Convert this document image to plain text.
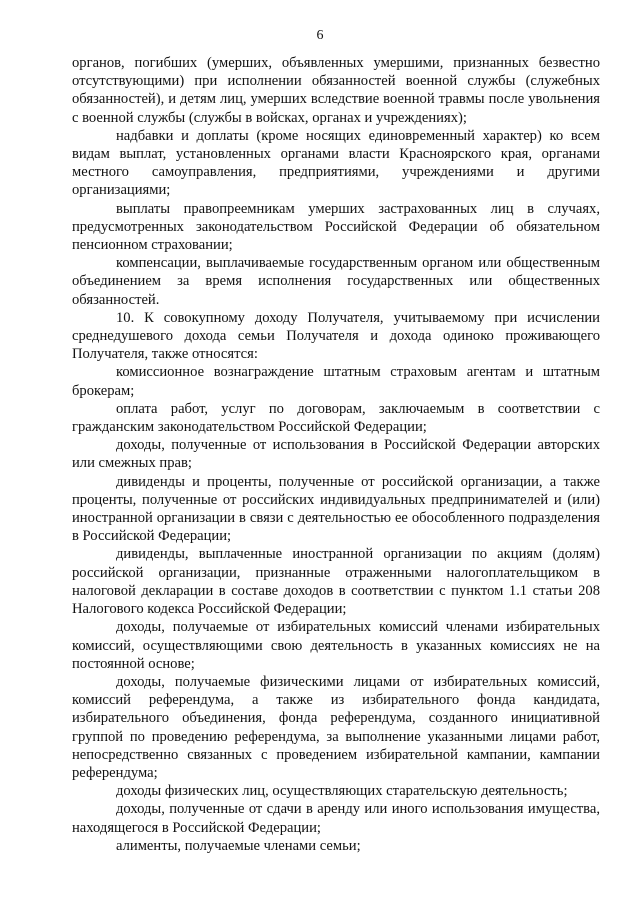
6

органов, погибших (умерших, объявленных умершими, признанных безвестно отсутствующими) при исполнении обязанностей военной службы (служебных обязанностей), и детям лиц, умерших вследствие военной травмы после увольнения с военной службы (службы в войсках, органах и учреждениях);

надбавки и доплаты (кроме носящих единовременный характер) ко всем видам выплат, установленных органами власти Красноярского края, органами местного самоуправления, предприятиями, учреждениями и другими организациями;

выплаты правопреемникам умерших застрахованных лиц в случаях, предусмотренных законодательством Российской Федерации об обязательном пенсионном страховании;

компенсации, выплачиваемые государственным органом или общественным объединением за время исполнения государственных или общественных обязанностей.

10. К совокупному доходу Получателя, учитываемому при исчислении среднедушевого дохода семьи Получателя и дохода одиноко проживающего Получателя, также относятся:

комиссионное вознаграждение штатным страховым агентам и штатным брокерам;

оплата работ, услуг по договорам, заключаемым в соответствии с гражданским законодательством Российской Федерации;

доходы, полученные от использования в Российской Федерации авторских или смежных прав;

дивиденды и проценты, полученные от российской организации, а также проценты, полученные от российских индивидуальных предпринимателей и (или) иностранной организации в связи с деятельностью ее обособленного подразделения в Российской Федерации;

дивиденды, выплаченные иностранной организации по акциям (долям) российской организации, признанные отраженными налогоплательщиком в налоговой декларации в составе доходов в соответствии с пунктом 1.1 статьи 208 Налогового кодекса Российской Федерации;

доходы, получаемые от избирательных комиссий членами избирательных комиссий, осуществляющими свою деятельность в указанных комиссиях не на постоянной основе;

доходы, получаемые физическими лицами от избирательных комиссий, комиссий референдума, а также из избирательного фонда кандидата, избирательного объединения, фонда референдума, созданного инициативной группой по проведению референдума, за выполнение указанными лицами работ, непосредственно связанных с проведением избирательной кампании, кампании референдума;

доходы физических лиц, осуществляющих старательскую деятельность;

доходы, полученные от сдачи в аренду или иного использования имущества, находящегося в Российской Федерации;

алименты, получаемые членами семьи;
